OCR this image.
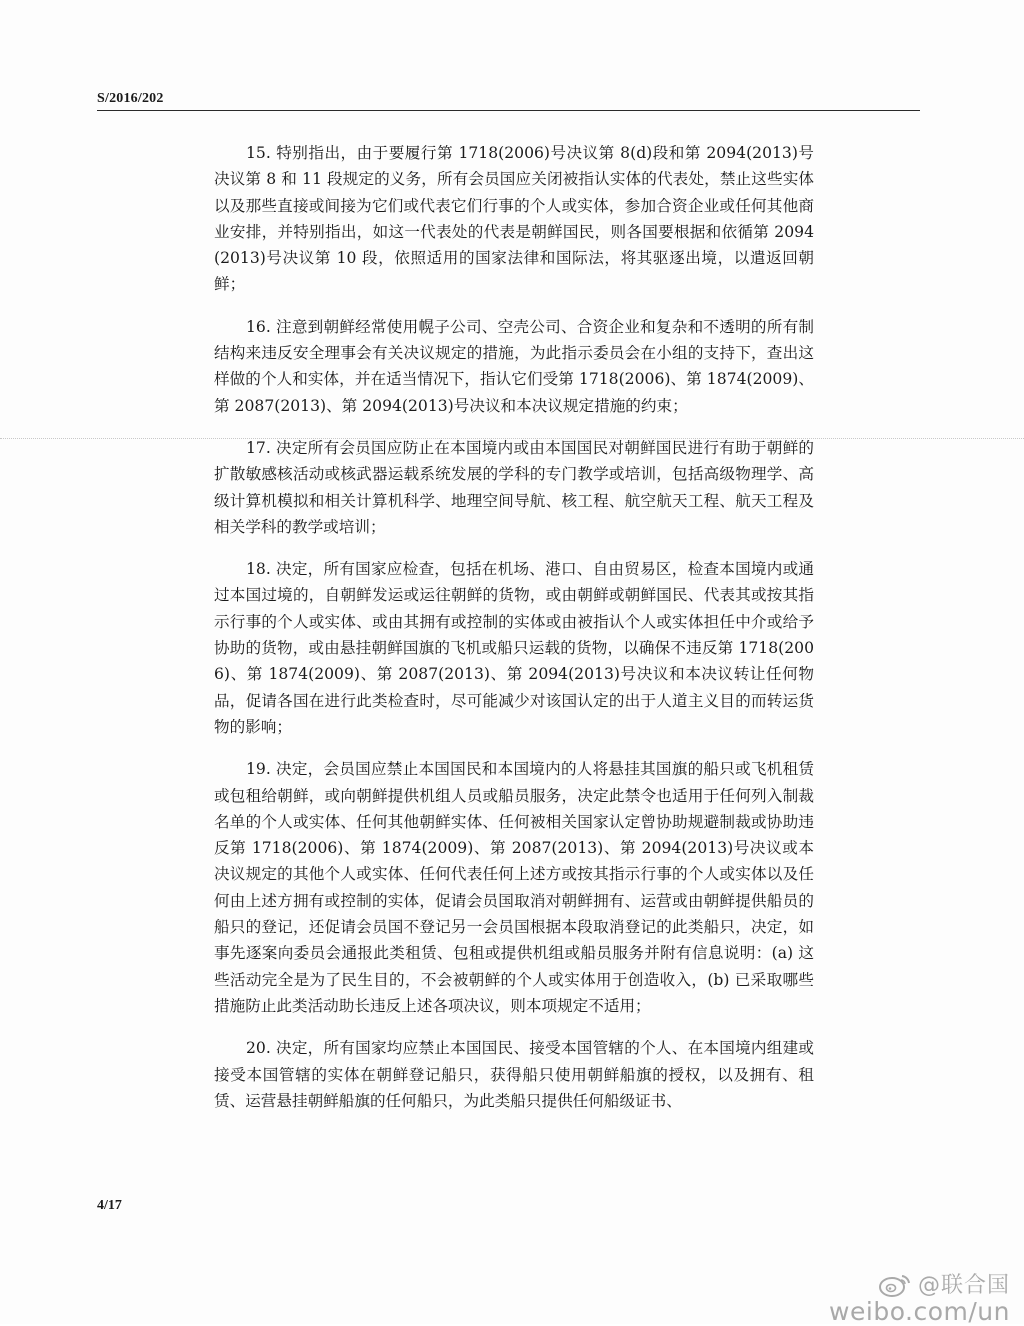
S/2016/202

15. 特别指出，由于要履行第 1718(2006)号决议第 8(d)段和第 2094(2013)号决议第 8 和 11 段规定的义务，所有会员国应关闭被指认实体的代表处，禁止这些实体以及那些直接或间接为它们或代表它们行事的个人或实体，参加合资企业或任何其他商业安排，并特别指出，如这一代表处的代表是朝鲜国民，则各国要根据和依循第 2094(2013)号决议第 10 段，依照适用的国家法律和国际法，将其驱逐出境，以遣返回朝鲜；

16. 注意到朝鲜经常使用幌子公司、空壳公司、合资企业和复杂和不透明的所有制结构来违反安全理事会有关决议规定的措施，为此指示委员会在小组的支持下，查出这样做的个人和实体，并在适当情况下，指认它们受第 1718(2006)、第 1874(2009)、第 2087(2013)、第 2094(2013)号决议和本决议规定措施的约束；

17. 决定所有会员国应防止在本国境内或由本国国民对朝鲜国民进行有助于朝鲜的扩散敏感核活动或核武器运载系统发展的学科的专门教学或培训，包括高级物理学、高级计算机模拟和相关计算机科学、地理空间导航、核工程、航空航天工程、航天工程及相关学科的教学或培训；

18. 决定，所有国家应检查，包括在机场、港口、自由贸易区，检查本国境内或通过本国过境的，自朝鲜发运或运往朝鲜的货物，或由朝鲜或朝鲜国民、代表其或按其指示行事的个人或实体、或由其拥有或控制的实体或由被指认个人或实体担任中介或给予协助的货物，或由悬挂朝鲜国旗的飞机或船只运载的货物，以确保不违反第 1718(2006)、第 1874(2009)、第 2087(2013)、第 2094(2013)号决议和本决议转让任何物品，促请各国在进行此类检查时，尽可能减少对该国认定的出于人道主义目的而转运货物的影响；

19. 决定，会员国应禁止本国国民和本国境内的人将悬挂其国旗的船只或飞机租赁或包租给朝鲜，或向朝鲜提供机组人员或船员服务，决定此禁令也适用于任何列入制裁名单的个人或实体、任何其他朝鲜实体、任何被相关国家认定曾协助规避制裁或协助违反第 1718(2006)、第 1874(2009)、第 2087(2013)、第 2094(2013)号决议或本决议规定的其他个人或实体、任何代表任何上述方或按其指示行事的个人或实体以及任何由上述方拥有或控制的实体，促请会员国取消对朝鲜拥有、运营或由朝鲜提供船员的船只的登记，还促请会员国不登记另一会员国根据本段取消登记的此类船只，决定，如事先逐案向委员会通报此类租赁、包租或提供机组或船员服务并附有信息说明：(a) 这些活动完全是为了民生目的，不会被朝鲜的个人或实体用于创造收入，(b) 已采取哪些措施防止此类活动助长违反上述各项决议，则本项规定不适用；

20. 决定，所有国家均应禁止本国国民、接受本国管辖的个人、在本国境内组建或接受本国管辖的实体在朝鲜登记船只，获得船只使用朝鲜船旗的授权，以及拥有、租赁、运营悬挂朝鲜船旗的任何船只，为此类船只提供任何船级证书、

4/17
@联合国
weibo.com/un
